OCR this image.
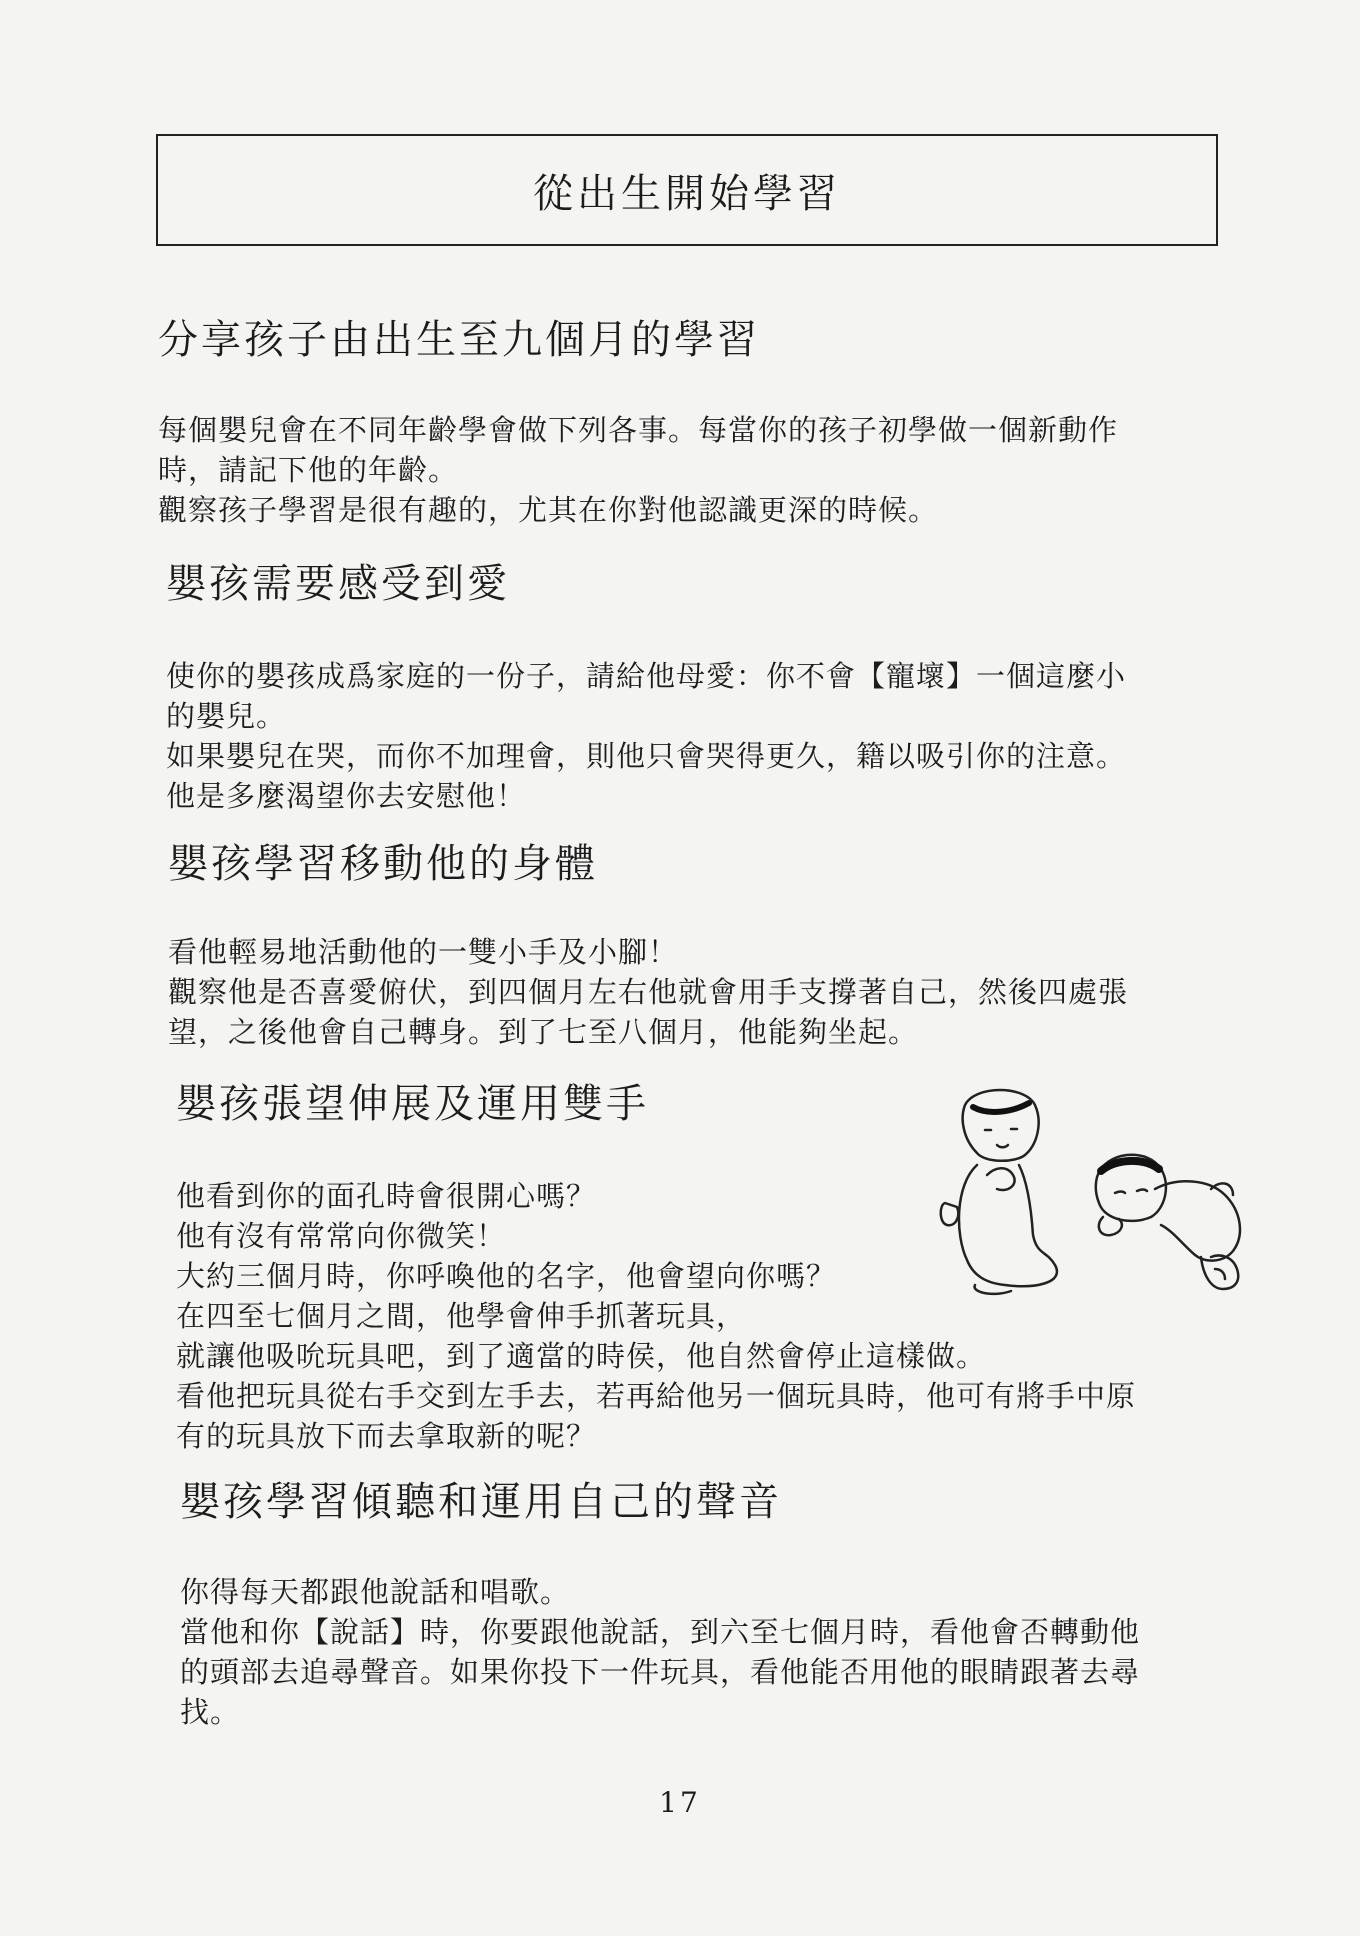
從出生開始學習
分享孩子由出生至九個月的學習

每個嬰兒會在不同年齡學會做下列各事。每當你的孩子初學做一個新動作

時，請記下他的年齡。

觀察孩子學習是很有趣的，尤其在你對他認識更深的時候。

嬰孩需要感受到愛

使你的嬰孩成爲家庭的一份子，請給他母愛：你不會【寵壞】一個這麼小

的嬰兒。

如果嬰兒在哭，而你不加理會，則他只會哭得更久，籍以吸引你的注意。

他是多麼渴望你去安慰他！

嬰孩學習移動他的身體

看他輕易地活動他的一雙小手及小腳！

觀察他是否喜愛俯伏，到四個月左右他就會用手支撐著自己，然後四處張

望，之後他會自己轉身。到了七至八個月，他能夠坐起。

嬰孩張望伸展及運用雙手

他看到你的面孔時會很開心嗎？

他有沒有常常向你微笑！

大約三個月時，你呼喚他的名字，他會望向你嗎？

在四至七個月之間，他學會伸手抓著玩具，

就讓他吸吮玩具吧，到了適當的時侯，他自然會停止這樣做。

看他把玩具從右手交到左手去，若再給他另一個玩具時，他可有將手中原

有的玩具放下而去拿取新的呢？

嬰孩學習傾聽和運用自己的聲音

你得每天都跟他說話和唱歌。

當他和你【說話】時，你要跟他說話，到六至七個月時，看他會否轉動他

的頭部去追尋聲音。如果你投下一件玩具，看他能否用他的眼睛跟著去尋

找。

17
